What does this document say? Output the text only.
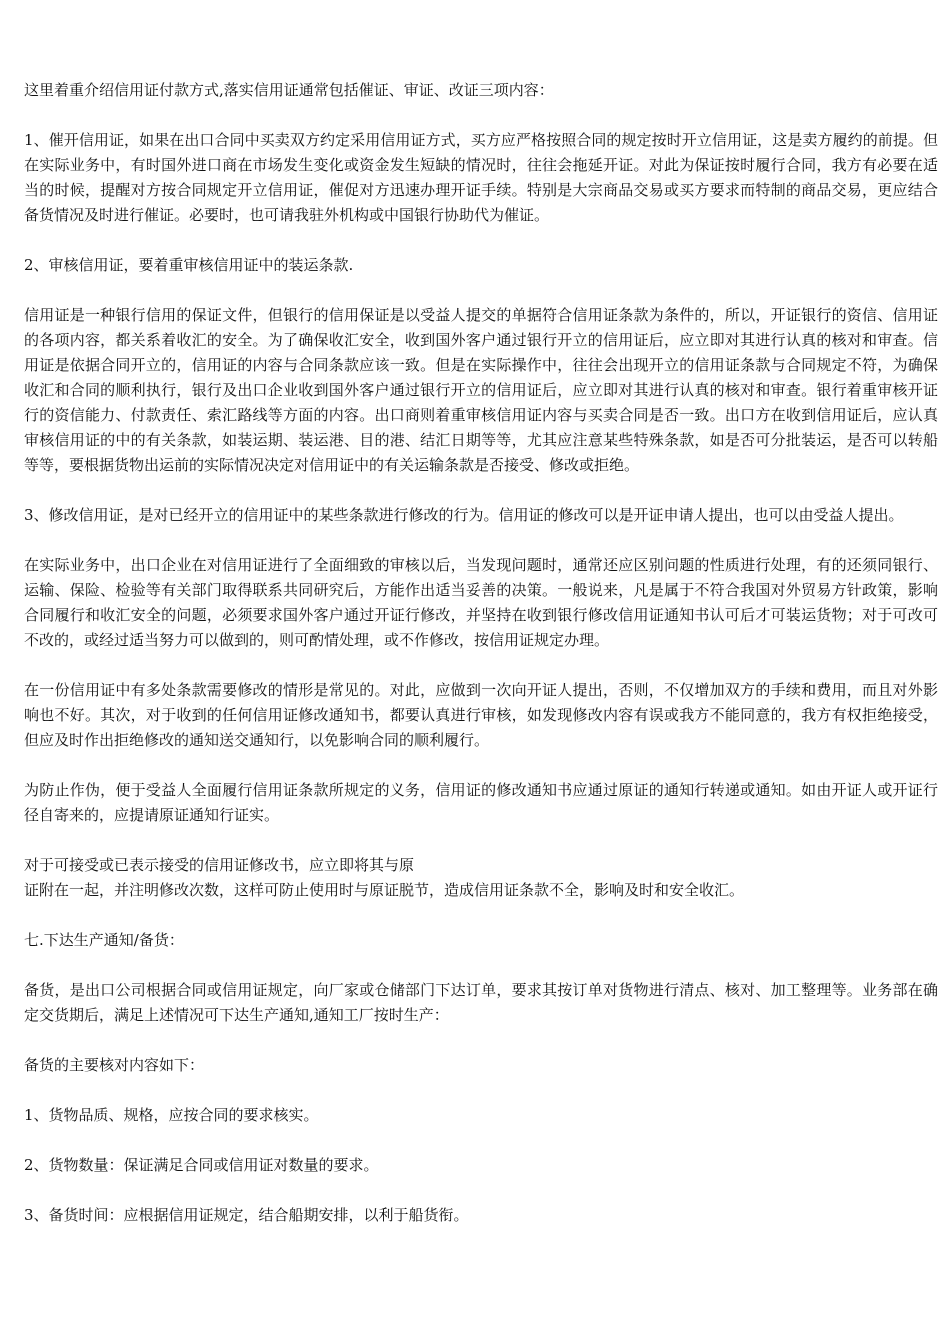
这里着重介绍信用证付款方式,落实信用证通常包括催证、审证、改证三项内容：

1、催开信用证，如果在出口合同中买卖双方约定采用信用证方式，买方应严格按照合同的规定按时开立信用证，这是卖方履约的前提。但在实际业务中，有时国外进口商在市场发生变化或资金发生短缺的情况时，往往会拖延开证。对此为保证按时履行合同，我方有必要在适当的时候，提醒对方按合同规定开立信用证，催促对方迅速办理开证手续。特别是大宗商品交易或买方要求而特制的商品交易，更应结合备货情况及时进行催证。必要时，也可请我驻外机构或中国银行协助代为催证。

2、审核信用证，要着重审核信用证中的装运条款.

信用证是一种银行信用的保证文件，但银行的信用保证是以受益人提交的单据符合信用证条款为条件的，所以，开证银行的资信、信用证的各项内容，都关系着收汇的安全。为了确保收汇安全，收到国外客户通过银行开立的信用证后，应立即对其进行认真的核对和审查。信用证是依据合同开立的，信用证的内容与合同条款应该一致。但是在实际操作中，往往会出现开立的信用证条款与合同规定不符，为确保收汇和合同的顺利执行，银行及出口企业收到国外客户通过银行开立的信用证后，应立即对其进行认真的核对和审查。银行着重审核开证行的资信能力、付款责任、索汇路线等方面的内容。出口商则着重审核信用证内容与买卖合同是否一致。出口方在收到信用证后，应认真审核信用证的中的有关条款，如装运期、装运港、目的港、结汇日期等等，尤其应注意某些特殊条款，如是否可分批装运，是否可以转船等等，要根据货物出运前的实际情况决定对信用证中的有关运输条款是否接受、修改或拒绝。

3、修改信用证，是对已经开立的信用证中的某些条款进行修改的行为。信用证的修改可以是开证申请人提出，也可以由受益人提出。

在实际业务中，出口企业在对信用证进行了全面细致的审核以后，当发现问题时，通常还应区别问题的性质进行处理，有的还须同银行、运输、保险、检验等有关部门取得联系共同研究后，方能作出适当妥善的决策。一般说来，凡是属于不符合我国对外贸易方针政策，影响合同履行和收汇安全的问题，必须要求国外客户通过开证行修改，并坚持在收到银行修改信用证通知书认可后才可装运货物；对于可改可不改的，或经过适当努力可以做到的，则可酌情处理，或不作修改，按信用证规定办理。

在一份信用证中有多处条款需要修改的情形是常见的。对此，应做到一次向开证人提出，否则，不仅增加双方的手续和费用，而且对外影响也不好。其次，对于收到的任何信用证修改通知书，都要认真进行审核，如发现修改内容有误或我方不能同意的，我方有权拒绝接受，但应及时作出拒绝修改的通知送交通知行，以免影响合同的顺利履行。

为防止作伪，便于受益人全面履行信用证条款所规定的义务，信用证的修改通知书应通过原证的通知行转递或通知。如由开证人或开证行径自寄来的，应提请原证通知行证实。

对于可接受或已表示接受的信用证修改书，应立即将其与原
证附在一起，并注明修改次数，这样可防止使用时与原证脱节，造成信用证条款不全，影响及时和安全收汇。

七.下达生产通知/备货：

备货，是出口公司根据合同或信用证规定，向厂家或仓储部门下达订单，要求其按订单对货物进行清点、核对、加工整理等。业务部在确定交货期后，满足上述情况可下达生产通知,通知工厂按时生产：

备货的主要核对内容如下：

1、货物品质、规格，应按合同的要求核实。

2、货物数量：保证满足合同或信用证对数量的要求。

3、备货时间：应根据信用证规定，结合船期安排，以利于船货衔。
